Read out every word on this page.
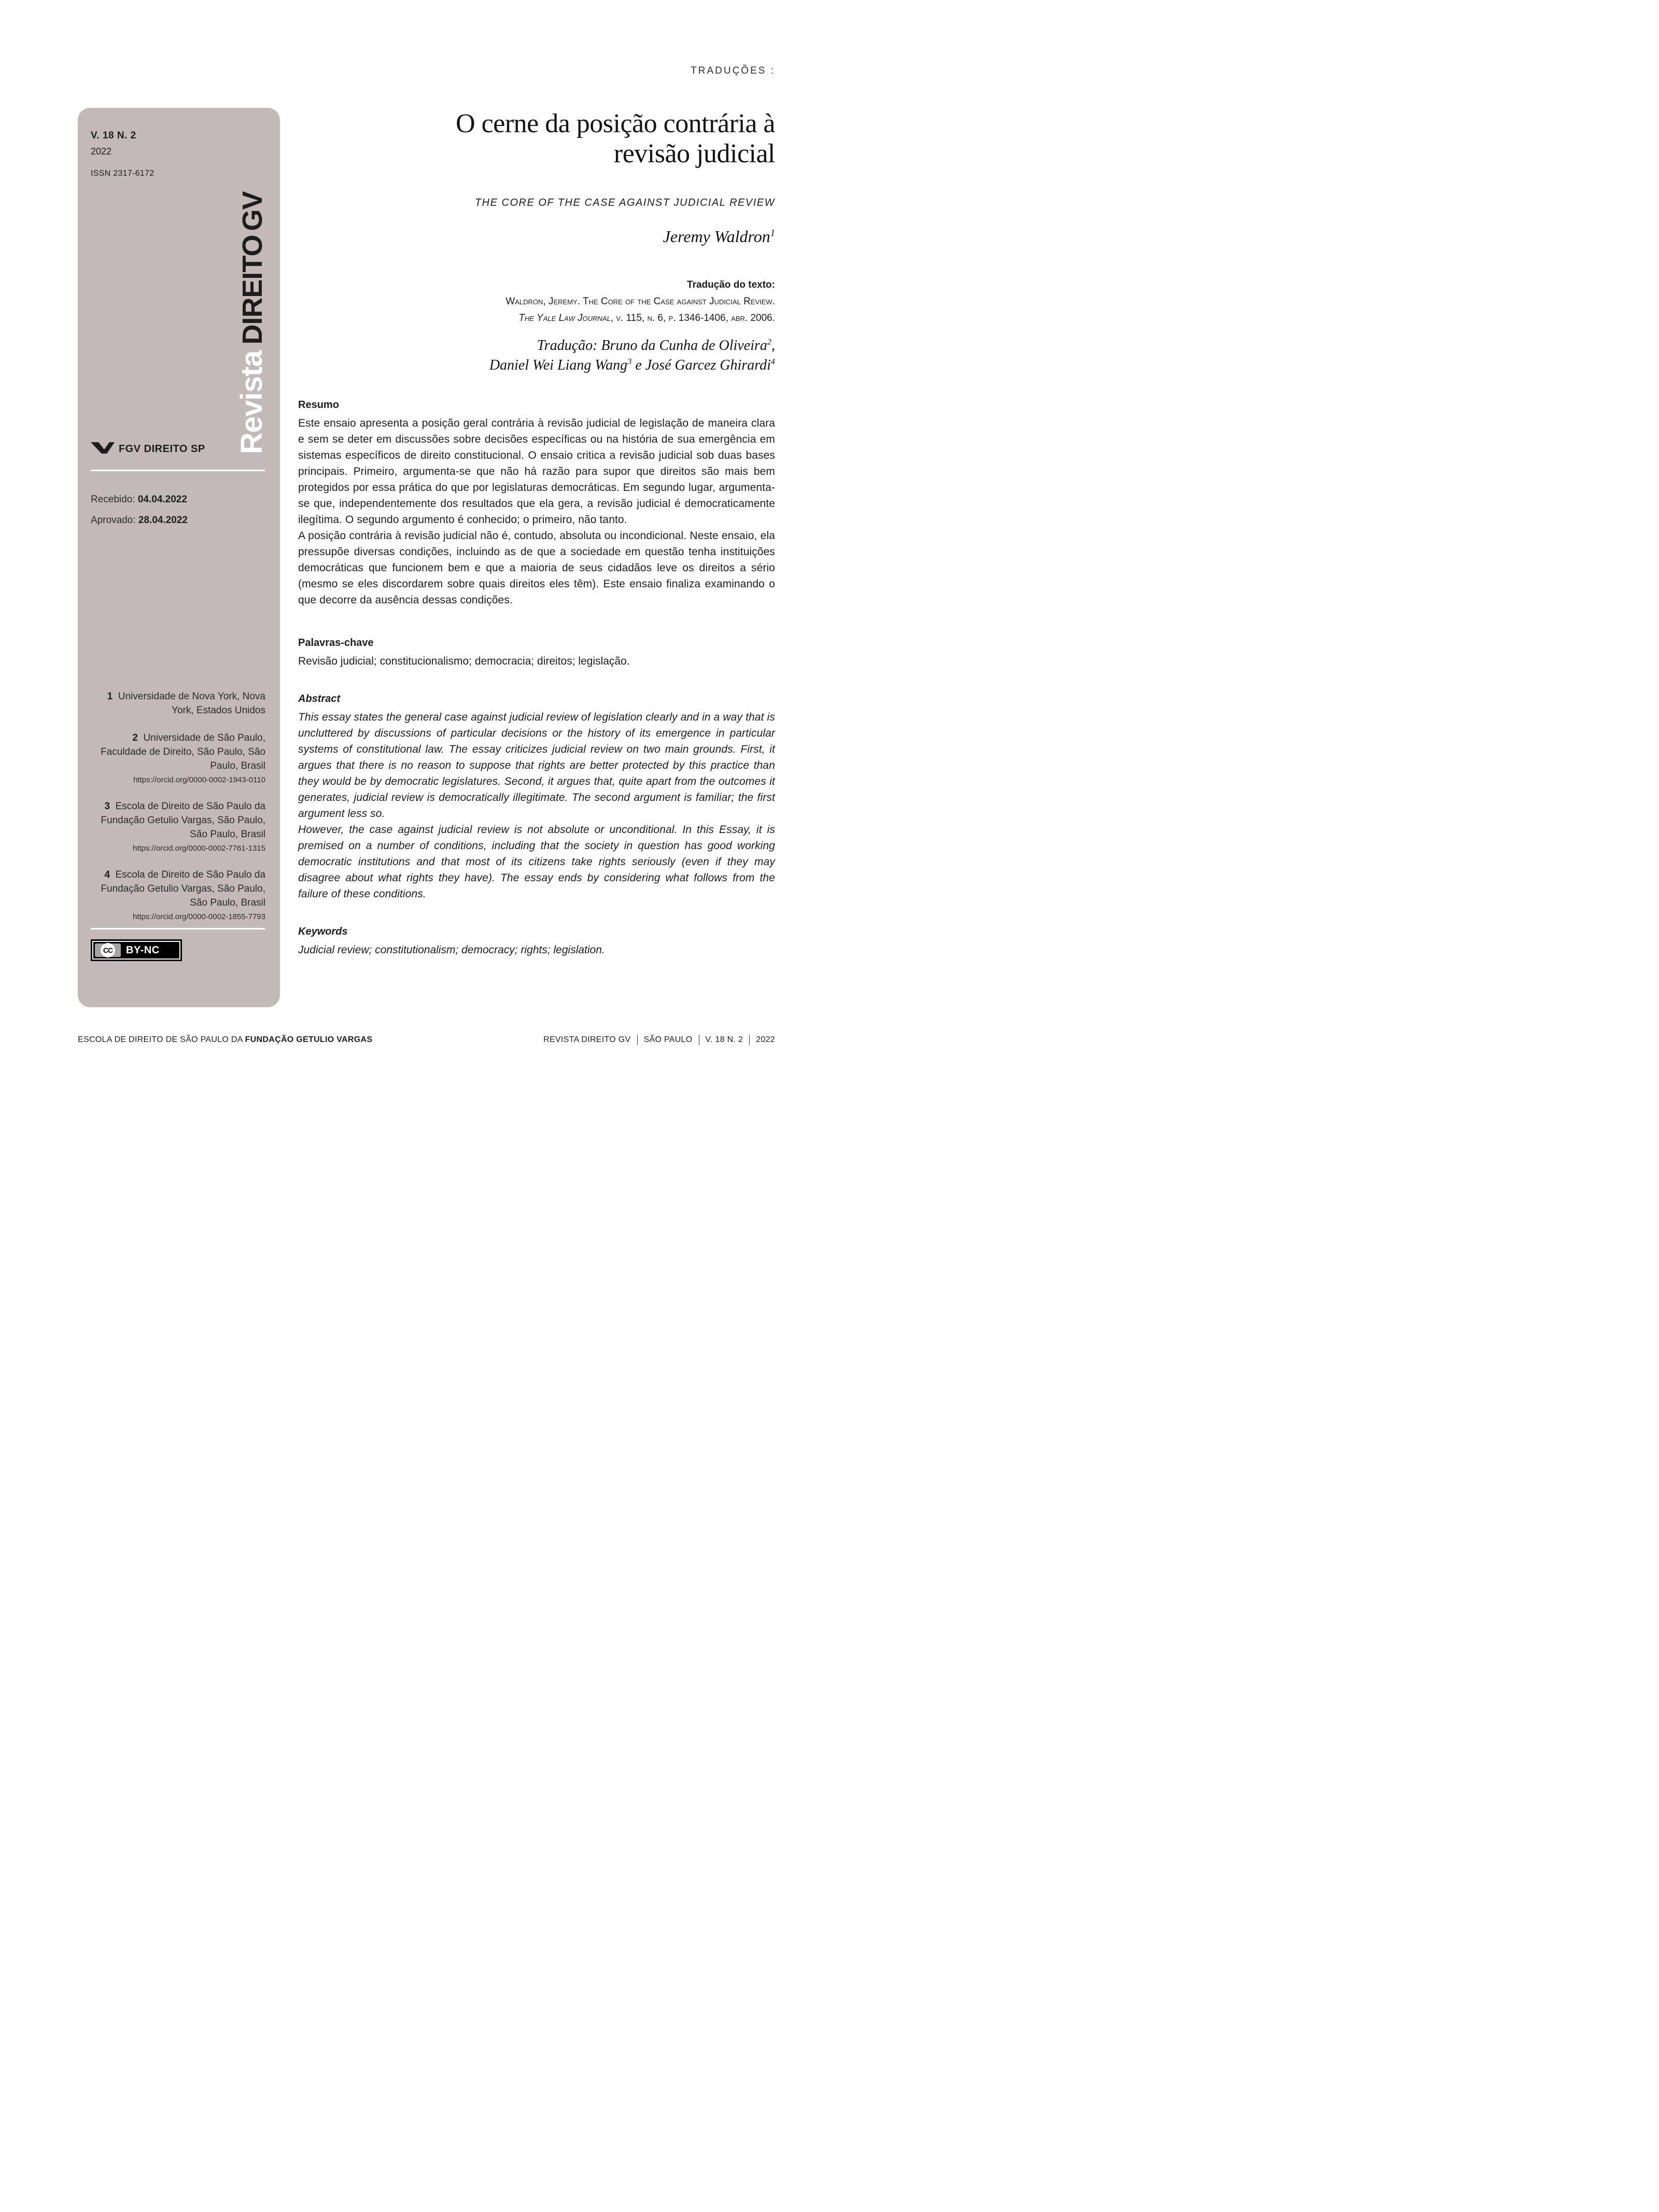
V. 18 N. 2
2022
ISSN 2317-6172
RevistaDIREITOGV
FGV DIREITO SP
Recebido: 04.04.2022
Aprovado: 28.04.2022
1  Universidade de Nova York, Nova York, Estados Unidos
2  Universidade de São Paulo, Faculdade de Direito, São Paulo, São Paulo, Brasil
https://orcid.org/0000-0002-1943-0110
3  Escola de Direito de São Paulo da Fundação Getulio Vargas, São Paulo, São Paulo, Brasil
https://orcid.org/0000-0002-7761-1315
4  Escola de Direito de São Paulo da Fundação Getulio Vargas, São Paulo, São Paulo, Brasil
https://orcid.org/0000-0002-1855-7793
CC BY-NC
TRADUÇÕES :
O cerne da posição contrária à
revisão judicial
THE CORE OF THE CASE AGAINST JUDICIAL REVIEW
Jeremy Waldron$^1$
Tradução do texto:
Waldron, Jeremy. The Core of the Case against Judicial Review.
The Yale Law Journal, v. 115, n. 6, p. 1346-1406, abr. 2006.
Tradução: Bruno da Cunha de Oliveira$^2$,
Daniel Wei Liang Wang$^3$ e José Garcez Ghirardi$^4$
Resumo

Este ensaio apresenta a posição geral contrária à revisão judicial de legislação de maneira clara e sem se deter em discussões sobre decisões específicas ou na história de sua emergência em sistemas específicos de direito constitucional. O ensaio critica a revisão judicial sob duas bases principais. Primeiro, argumenta-se que não há razão para supor que direitos são mais bem protegidos por essa prática do que por legislaturas democráticas. Em segundo lugar, argumenta-se que, independentemente dos resultados que ela gera, a revisão judicial é democraticamente ilegítima. O segundo argumento é conhecido; o primeiro, não tanto.

A posição contrária à revisão judicial não é, contudo, absoluta ou incondicional. Neste ensaio, ela pressupõe diversas condições, incluindo as de que a sociedade em questão tenha instituições democráticas que funcionem bem e que a maioria de seus cidadãos leve os direitos a sério (mesmo se eles discordarem sobre quais direitos eles têm). Este ensaio finaliza examinando o que decorre da ausência dessas condições.

Palavras-chave

Revisão judicial; constitucionalismo; democracia; direitos; legislação.

Abstract

This essay states the general case against judicial review of legislation clearly and in a way that is uncluttered by discussions of particular decisions or the history of its emergence in particular systems of constitutional law. The essay criticizes judicial review on two main grounds. First, it argues that there is no reason to suppose that rights are better protected by this practice than they would be by democratic legislatures. Second, it argues that, quite apart from the outcomes it generates, judicial review is democratically illegitimate. The second argument is familiar; the first argument less so.

However, the case against judicial review is not absolute or unconditional. In this Essay, it is premised on a number of conditions, including that the society in question has good working democratic institutions and that most of its citizens take rights seriously (even if they may disagree about what rights they have). The essay ends by considering what follows from the failure of these conditions.

Keywords

Judicial review; constitutionalism; democracy; rights; legislation.

ESCOLA DE DIREITO DE SÃO PAULO DA FUNDAÇÃO GETULIO VARGAS	REVISTA DIREITO GV SÃO PAULO V. 18 N. 2 2022
